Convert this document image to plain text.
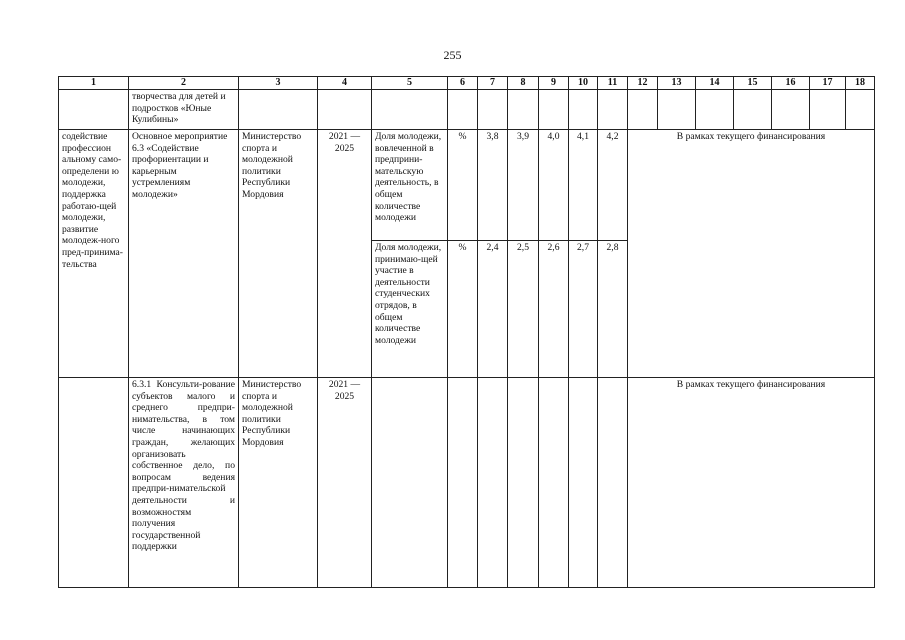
255
1	2	3	4	5	6	7	8	9	10	11	12	13	14	15	16	17	18
	творчества для детей и подростков «Юные Кулибины»																
содействие профессион альному само-определени ю молодежи, поддержка работаю-щей молодежи, развитие молодеж-ного пред-принима-тельства	Основное мероприятие 6.3 «Содействие профориентации и карьерным устремлениям молодежи»	Министерство спорта и молодежной политики Республики Мордовия	2021 — 2025	Доля молодежи, вовлеченной в предприни-мательскую деятельность, в общем количестве молодежи	%	3,8	3,9	4,0	4,1	4,2	В рамках текущего финансирования						
				Доля молодежи, принимаю-щей участие в деятельности студенческих отрядов, в общем количестве молодежи	%	2,4	2,5	2,6	2,7	2,8							
	6.3.1 Консульти-рование субъектов малого и среднего предпри-нимательства, в том числе начинающих граждан, желающих организовать собственное дело, по вопросам ведения предпри-нимательской деятельности и возможностям получения государственной поддержки	Министерство спорта и молодежной политики Республики Мордовия	2021 — 2025								В рамках текущего финансирования						
